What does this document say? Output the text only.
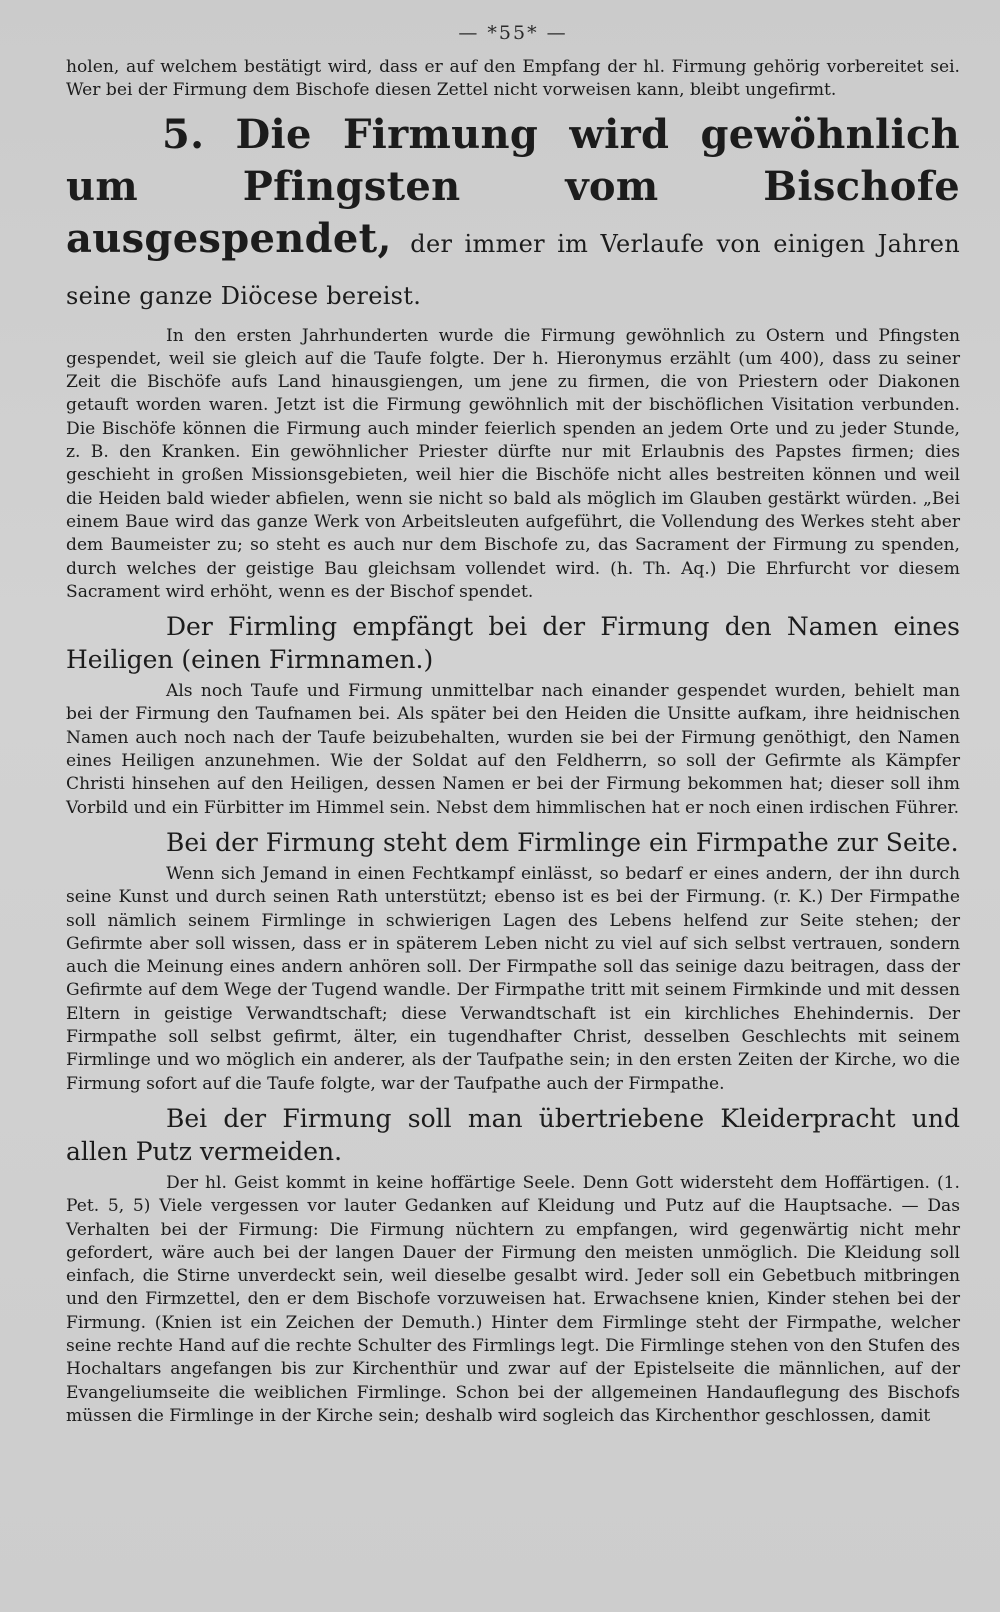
— *55* —

holen, auf welchem bestätigt wird, dass er auf den Empfang der hl. Firmung gehörig vorbereitet sei. Wer bei der Firmung dem Bischofe diesen Zettel nicht vorweisen kann, bleibt ungefirmt.

5. Die Firmung wird gewöhnlich um Pfingsten vom Bischofe ausgespendet, der immer im Verlaufe von einigen Jahren seine ganze Diöcese bereist.

In den ersten Jahrhunderten wurde die Firmung gewöhnlich zu Ostern und Pfingsten gespendet, weil sie gleich auf die Taufe folgte. Der h. Hieronymus erzählt (um 400), dass zu seiner Zeit die Bischöfe aufs Land hinausgiengen, um jene zu firmen, die von Priestern oder Diakonen getauft worden waren. Jetzt ist die Firmung gewöhnlich mit der bischöflichen Visitation verbunden. Die Bischöfe können die Firmung auch minder feierlich spenden an jedem Orte und zu jeder Stunde, z. B. den Kranken. Ein gewöhnlicher Priester dürfte nur mit Erlaubnis des Papstes firmen; dies geschieht in großen Missionsgebieten, weil hier die Bischöfe nicht alles bestreiten können und weil die Heiden bald wieder abfielen, wenn sie nicht so bald als möglich im Glauben gestärkt würden. „Bei einem Baue wird das ganze Werk von Arbeitsleuten aufgeführt, die Vollendung des Werkes steht aber dem Baumeister zu; so steht es auch nur dem Bischofe zu, das Sacrament der Firmung zu spenden, durch welches der geistige Bau gleichsam vollendet wird. (h. Th. Aq.) Die Ehrfurcht vor diesem Sacrament wird erhöht, wenn es der Bischof spendet.

Der Firmling empfängt bei der Firmung den Namen eines Heiligen (einen Firmnamen.)

Als noch Taufe und Firmung unmittelbar nach einander gespendet wurden, behielt man bei der Firmung den Taufnamen bei. Als später bei den Heiden die Unsitte aufkam, ihre heidnischen Namen auch noch nach der Taufe beizubehalten, wurden sie bei der Firmung genöthigt, den Namen eines Heiligen anzunehmen. Wie der Soldat auf den Feldherrn, so soll der Gefirmte als Kämpfer Christi hinsehen auf den Heiligen, dessen Namen er bei der Firmung bekommen hat; dieser soll ihm Vorbild und ein Fürbitter im Himmel sein. Nebst dem himmlischen hat er noch einen irdischen Führer.

Bei der Firmung steht dem Firmlinge ein Firmpathe zur Seite.

Wenn sich Jemand in einen Fechtkampf einlässt, so bedarf er eines andern, der ihn durch seine Kunst und durch seinen Rath unterstützt; ebenso ist es bei der Firmung. (r. K.) Der Firmpathe soll nämlich seinem Firmlinge in schwierigen Lagen des Lebens helfend zur Seite stehen; der Gefirmte aber soll wissen, dass er in späterem Leben nicht zu viel auf sich selbst vertrauen, sondern auch die Meinung eines andern anhören soll. Der Firmpathe soll das seinige dazu beitragen, dass der Gefirmte auf dem Wege der Tugend wandle. Der Firmpathe tritt mit seinem Firmkinde und mit dessen Eltern in geistige Verwandtschaft; diese Verwandtschaft ist ein kirchliches Ehehindernis. Der Firmpathe soll selbst gefirmt, älter, ein tugendhafter Christ, desselben Geschlechts mit seinem Firmlinge und wo möglich ein anderer, als der Taufpathe sein; in den ersten Zeiten der Kirche, wo die Firmung sofort auf die Taufe folgte, war der Taufpathe auch der Firmpathe.

Bei der Firmung soll man übertriebene Kleiderpracht und allen Putz vermeiden.

Der hl. Geist kommt in keine hoffärtige Seele. Denn Gott widersteht dem Hoffärtigen. (1. Pet. 5, 5) Viele vergessen vor lauter Gedanken auf Kleidung und Putz auf die Hauptsache. — Das Verhalten bei der Firmung: Die Firmung nüchtern zu empfangen, wird gegenwärtig nicht mehr gefordert, wäre auch bei der langen Dauer der Firmung den meisten unmöglich. Die Kleidung soll einfach, die Stirne unverdeckt sein, weil dieselbe gesalbt wird. Jeder soll ein Gebetbuch mitbringen und den Firmzettel, den er dem Bischofe vorzuweisen hat. Erwachsene knien, Kinder stehen bei der Firmung. (Knien ist ein Zeichen der Demuth.) Hinter dem Firmlinge steht der Firmpathe, welcher seine rechte Hand auf die rechte Schulter des Firmlings legt. Die Firmlinge stehen von den Stufen des Hochaltars angefangen bis zur Kirchenthür und zwar auf der Epistelseite die männlichen, auf der Evangeliumseite die weiblichen Firmlinge. Schon bei der allgemeinen Handauflegung des Bischofs müssen die Firmlinge in der Kirche sein; deshalb wird sogleich das Kirchenthor geschlossen, damit
